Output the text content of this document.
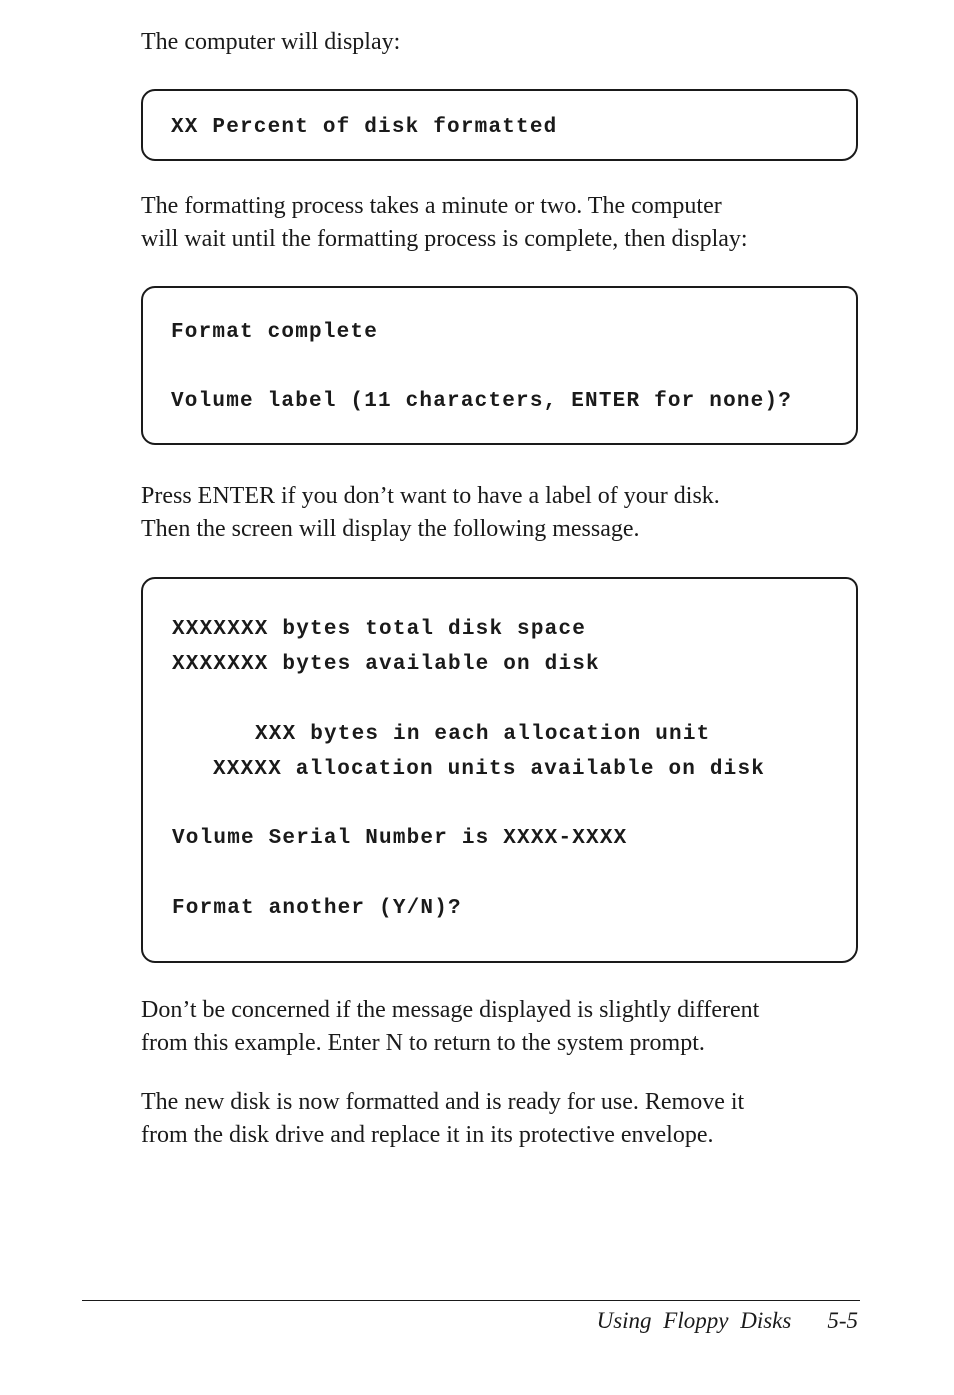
The computer will display:

XX Percent of disk formatted

The formatting process takes a minute or two. The computer
will wait until the formatting process is complete, then display:

Format complete
Volume label (11 characters, ENTER for none)?

Press ENTER if you don’t want to have a label of your disk.
Then the screen will display the following message.

XXXXXXX bytes total disk space
XXXXXXX bytes available on disk
XXX bytes in each allocation unit
XXXXX allocation units available on disk
Volume Serial Number is XXXX-XXXX
Format another (Y/N)?

Don’t be concerned if the message displayed is slightly different
from this example. Enter N to return to the system prompt.

The new disk is now formatted and is ready for use. Remove it
from the disk drive and replace it in its protective envelope.

Using Floppy Disks 5-5
